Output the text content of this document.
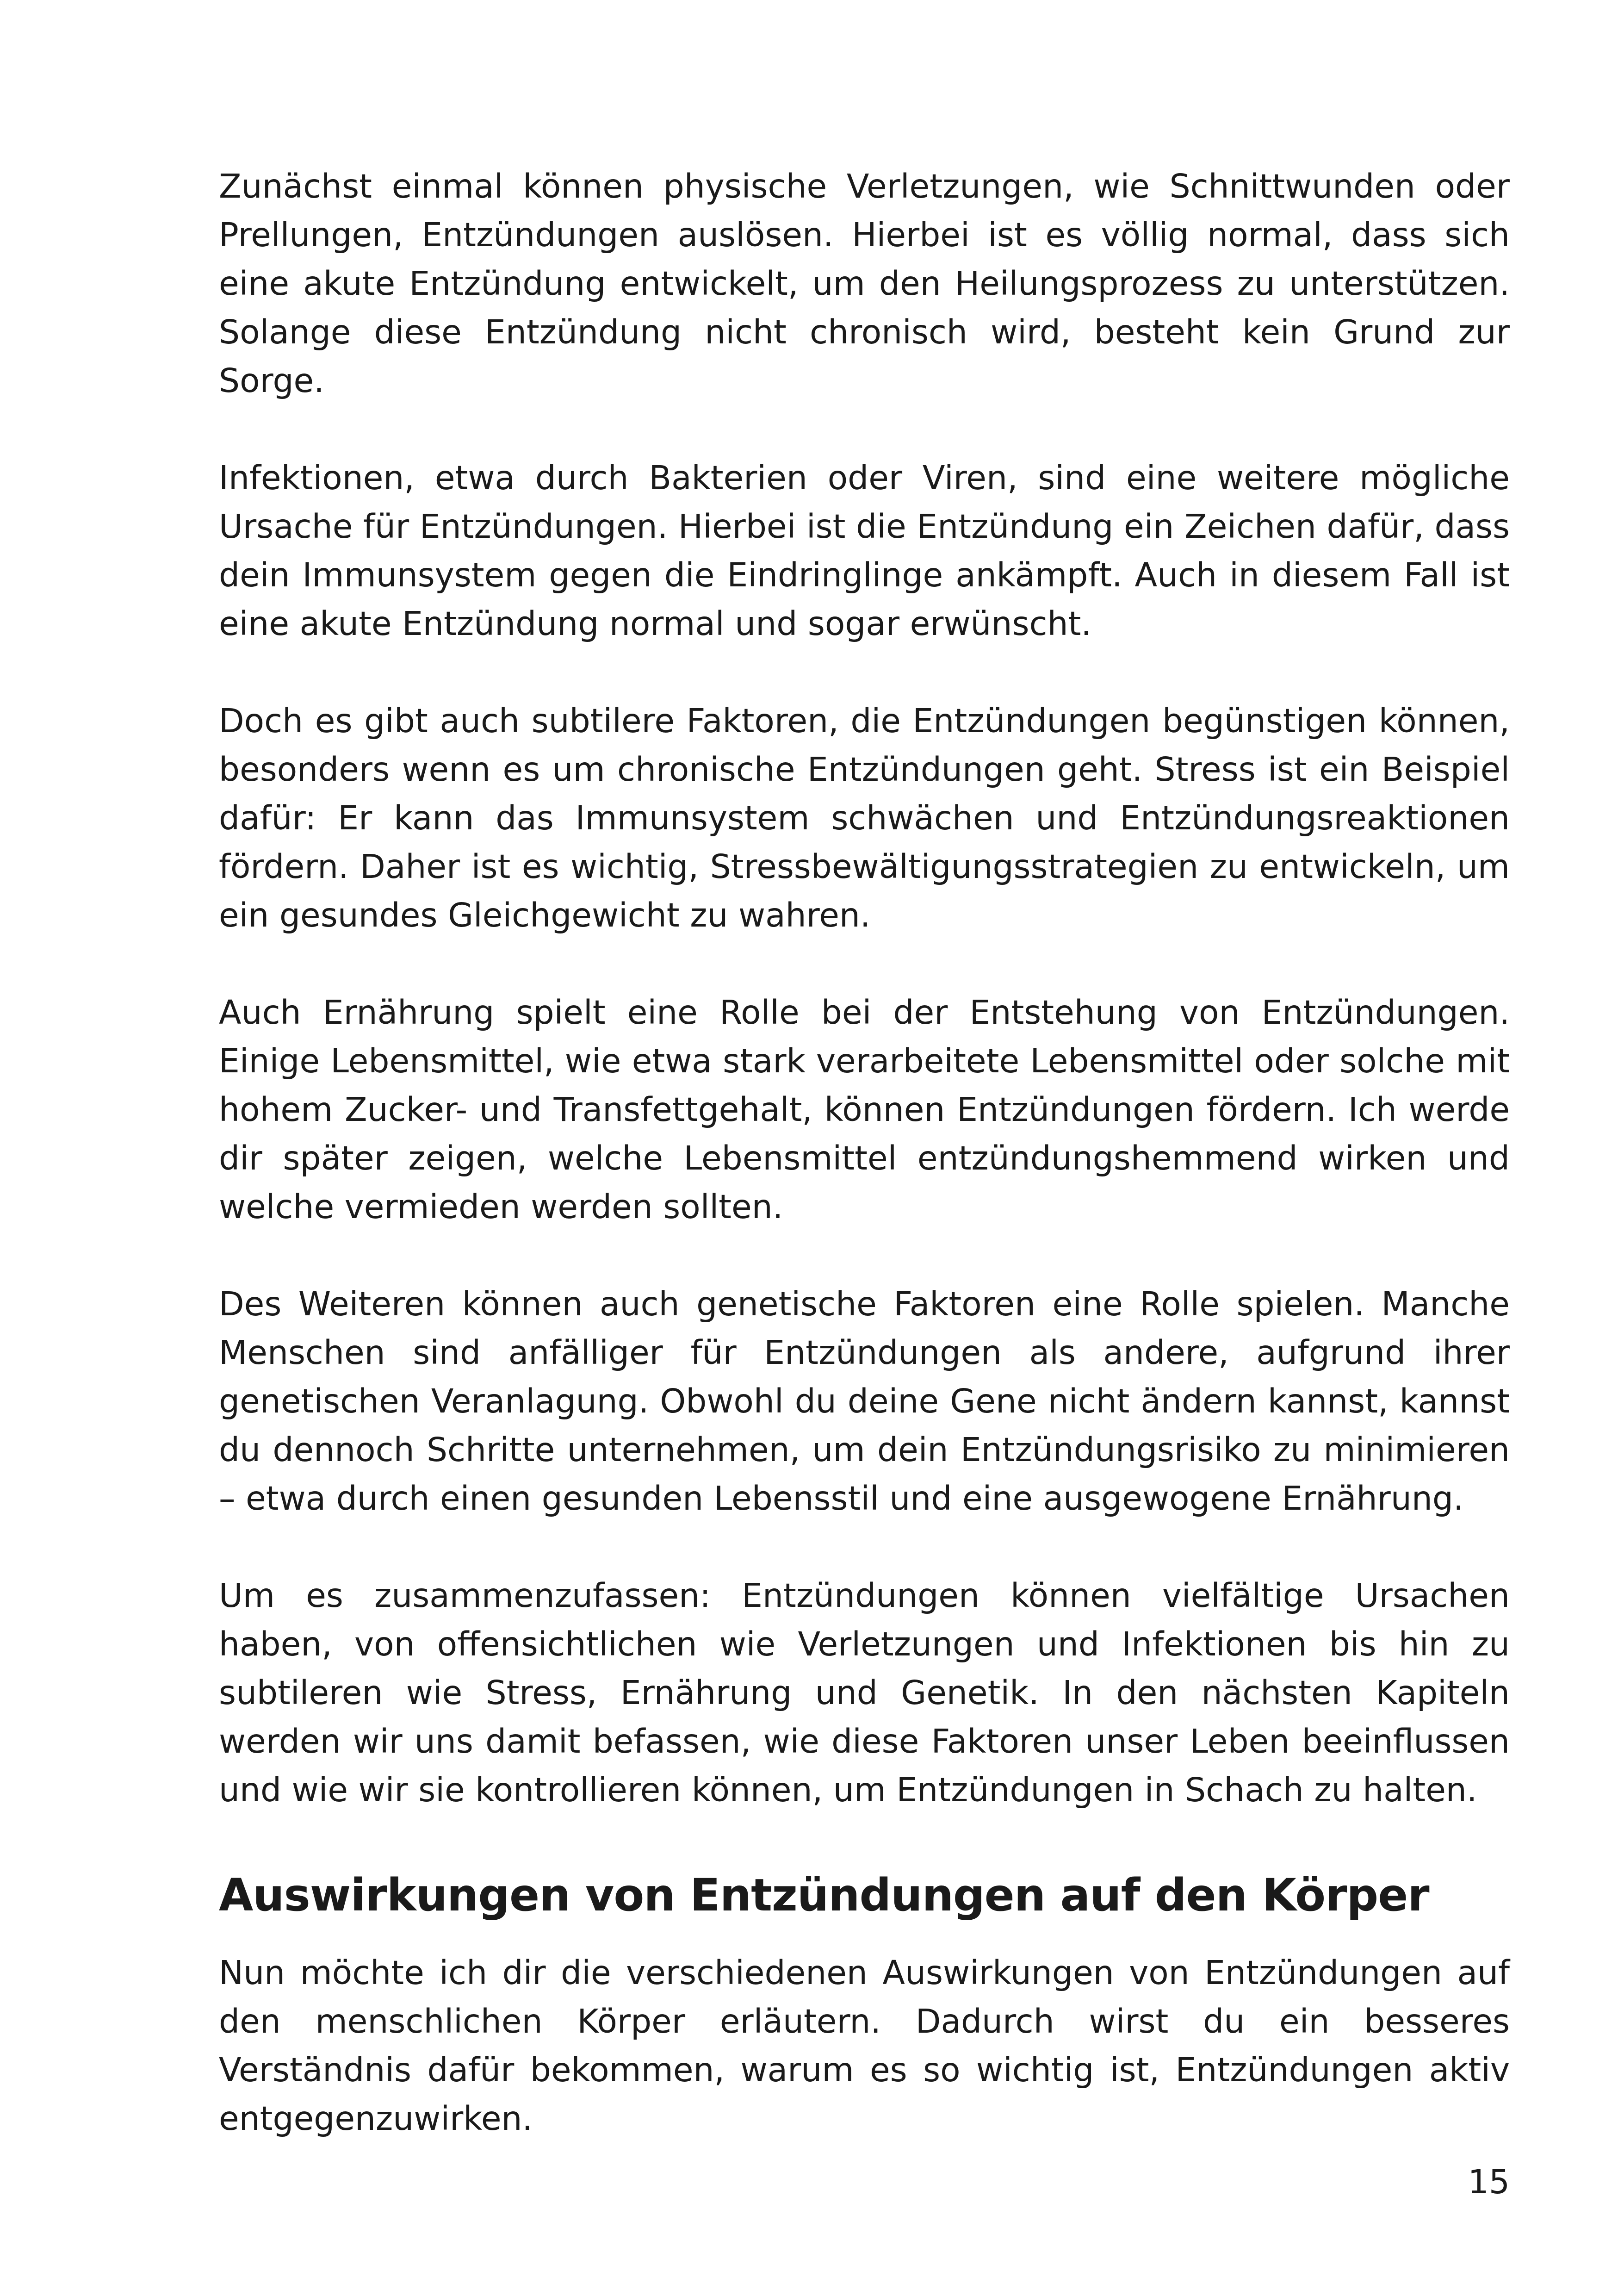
Zunächst einmal können physische Verletzungen, wie Schnittwunden oder Prellungen, Entzündungen auslösen. Hierbei ist es völlig normal, dass sich eine akute Entzündung entwickelt, um den Heilungsprozess zu unterstützen. Solange diese Entzündung nicht chronisch wird, besteht kein Grund zur Sorge.

Infektionen, etwa durch Bakterien oder Viren, sind eine weitere mögliche Ursache für Entzündungen. Hierbei ist die Entzündung ein Zeichen dafür, dass dein Immunsystem gegen die Eindringlinge ankämpft. Auch in diesem Fall ist eine akute Entzündung normal und sogar erwünscht.

Doch es gibt auch subtilere Faktoren, die Entzündungen begünstigen können, besonders wenn es um chronische Entzündungen geht. Stress ist ein Beispiel dafür: Er kann das Immunsystem schwächen und Entzündungsreaktionen fördern. Daher ist es wichtig, Stressbewältigungsstrategien zu entwickeln, um ein gesundes Gleichgewicht zu wahren.

Auch Ernährung spielt eine Rolle bei der Entstehung von Entzündungen. Einige Lebensmittel, wie etwa stark verarbeitete Lebensmittel oder solche mit hohem Zucker- und Transfettgehalt, können Entzündungen fördern. Ich werde dir später zeigen, welche Lebensmittel entzündungshemmend wirken und welche vermieden werden sollten.

Des Weiteren können auch genetische Faktoren eine Rolle spielen. Manche Menschen sind anfälliger für Entzündungen als andere, aufgrund ihrer genetischen Veranlagung. Obwohl du deine Gene nicht ändern kannst, kannst du dennoch Schritte unternehmen, um dein Entzündungsrisiko zu minimieren – etwa durch einen gesunden Lebensstil und eine ausgewogene Ernährung.

Um es zusammenzufassen: Entzündungen können vielfältige Ursachen haben, von offensichtlichen wie Verletzungen und Infektionen bis hin zu subtileren wie Stress, Ernährung und Genetik. In den nächsten Kapiteln werden wir uns damit befassen, wie diese Faktoren unser Leben beeinflussen und wie wir sie kontrollieren können, um Entzündungen in Schach zu halten.

Auswirkungen von Entzündungen auf den Körper

Nun möchte ich dir die verschiedenen Auswirkungen von Entzündungen auf den menschlichen Körper erläutern. Dadurch wirst du ein besseres Verständnis dafür bekommen, warum es so wichtig ist, Entzündungen aktiv entgegenzuwirken.

15
